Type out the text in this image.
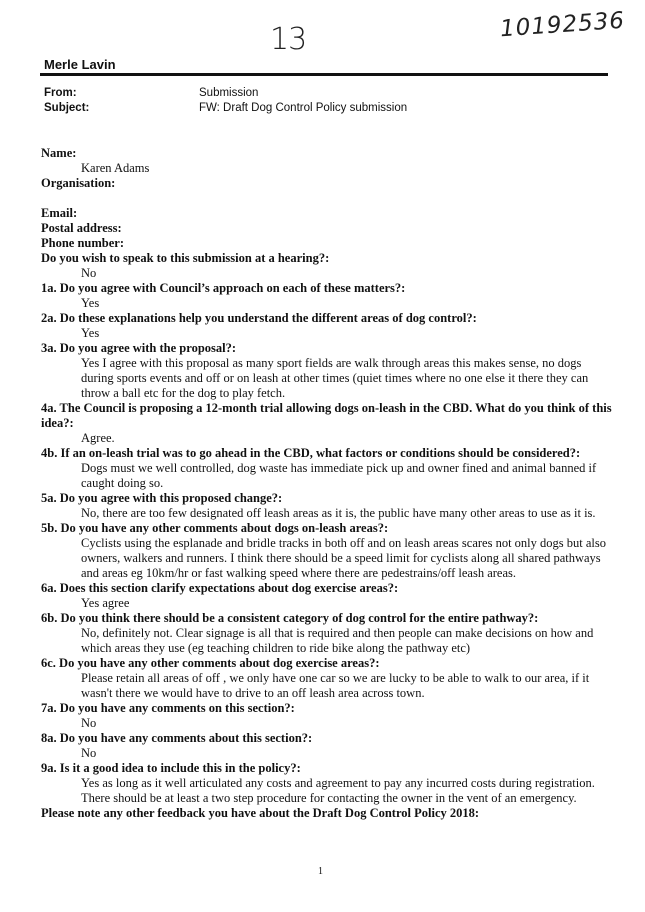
13	10192536
Merle Lavin
From:	Submission
Subject:	FW: Draft Dog Control Policy submission
Name:
Karen Adams
Organisation:
Email:
Postal address:
Phone number:
Do you wish to speak to this submission at a hearing?:
No
1a. Do you agree with Council’s approach on each of these matters?:
Yes
2a. Do these explanations help you understand the different areas of dog control?:
Yes
3a. Do you agree with the proposal?:
Yes I agree with this proposal as many sport fields are walk through areas this makes sense, no dogs during sports events and off or on leash at other times (quiet times where no one else it there they can throw a ball etc for the dog to play fetch.
4a. The Council is proposing a 12-month trial allowing dogs on-leash in the CBD. What do you think of this idea?:
Agree.
4b. If an on-leash trial was to go ahead in the CBD, what factors or conditions should be considered?:
Dogs must we well controlled, dog waste has immediate pick up and owner fined and animal banned if caught doing so.
5a. Do you agree with this proposed change?:
No, there are too few designated off leash areas as it is, the public have many other areas to use as it is.
5b. Do you have any other comments about dogs on-leash areas?:
Cyclists using the esplanade and bridle tracks in both off and on leash areas scares not only dogs but also owners, walkers and runners. I think there should be a speed limit for cyclists along all shared pathways and areas eg 10km/hr or fast walking speed where there are pedestrains/off leash areas.
6a. Does this section clarify expectations about dog exercise areas?:
Yes agree
6b. Do you think there should be a consistent category of dog control for the entire pathway?:
No, definitely not. Clear signage is all that is required and then people can make decisions on how and which areas they use (eg teaching children to ride bike along the pathway etc)
6c. Do you have any other comments about dog exercise areas?:
Please retain all areas of off , we only have one car so we are lucky to be able to walk to our area, if it wasn't there we would have to drive to an off leash area across town.
7a. Do you have any comments on this section?:
No
8a. Do you have any comments about this section?:
No
9a. Is it a good idea to include this in the policy?:
Yes as long as it well articulated any costs and agreement to pay any incurred costs during registration. There should be at least a two step procedure for contacting the owner in the vent of an emergency.
Please note any other feedback you have about the Draft Dog Control Policy 2018:
1
